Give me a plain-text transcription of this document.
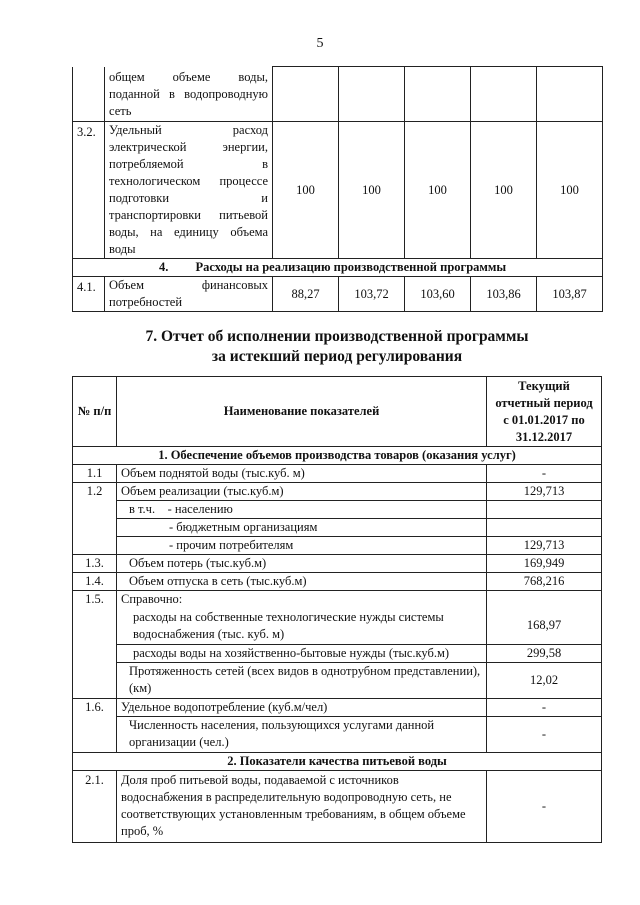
5
	общем объеме воды, поданной в водопроводную сеть					
3.2.	Удельный расход электрической энергии, потребляемой в технологическом процессе подготовки и транспортировки питьевой воды, на единицу объема воды	100	100	100	100	100
4. Расходы на реализацию производственной программы						
4.1.	Объем финансовых потребностей	88,27	103,72	103,60	103,86	103,87
7. Отчет об исполнении производственной программы
за истекший период регулирования
№ п/п	Наименование показателей	Текущий отчетный период с 01.01.2017 по 31.12.2017
1. Обеспечение объемов производства товаров (оказания услуг)		
1.1	Объем поднятой воды (тыс.куб. м)	-
1.2	Объем реализации (тыс.куб.м)	129,713
	в т.ч.    - населению	
	- бюджетным организациям	
	- прочим потребителям	129,713
1.3.	Объем потерь (тыс.куб.м)	169,949
1.4.	Объем отпуска в сеть (тыс.куб.м)	768,216
1.5.	Справочно:	
	расходы на собственные технологические нужды системы водоснабжения (тыс. куб. м)	168,97
	расходы воды на хозяйственно-бытовые нужды (тыс.куб.м)	299,58
	Протяженность сетей (всех видов в однотрубном представлении), (км)	12,02
1.6.	Удельное водопотребление (куб.м/чел)	-
	Численность населения, пользующихся услугами данной организации (чел.)	-
2. Показатели качества питьевой воды		
2.1.	Доля проб питьевой воды, подаваемой с источников водоснабжения в распределительную водопроводную сеть, не соответствующих установленным требованиям, в общем объеме проб, %	-
